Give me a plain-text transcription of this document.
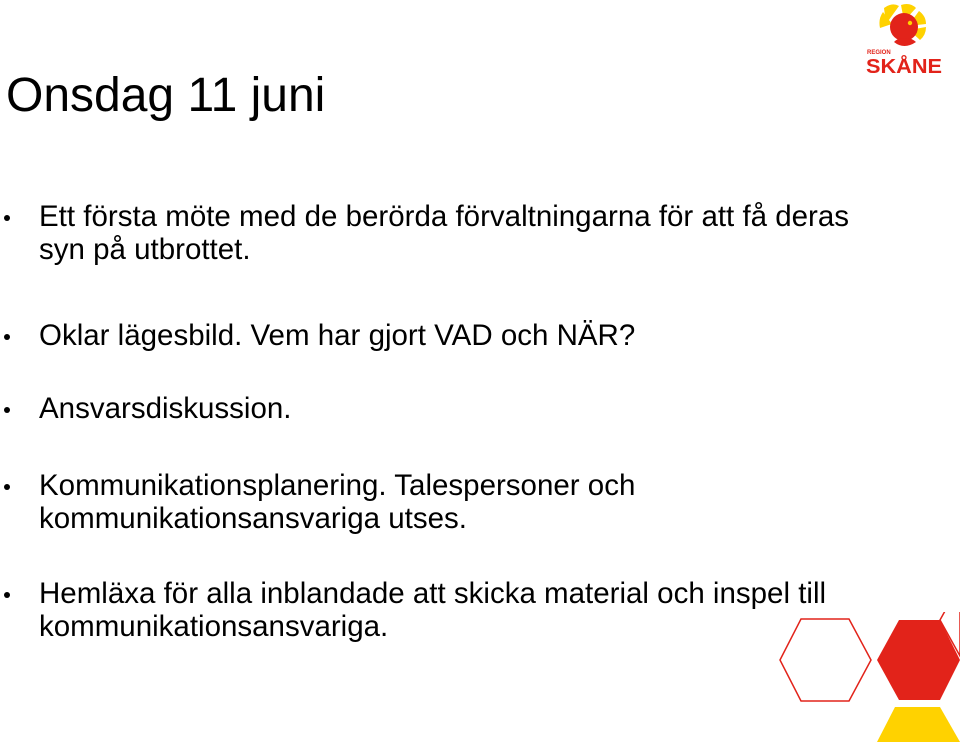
REGION
SKÅNE
Onsdag 11 juni
Ett första möte med de berörda förvaltningarna för att få deras syn på utbrottet.
Oklar lägesbild. Vem har gjort VAD och NÄR?
Ansvarsdiskussion.
Kommunikationsplanering. Talespersoner och kommunikationsansvariga utses.
Hemläxa för alla inblandade att skicka material och inspel till kommunikationsansvariga.
